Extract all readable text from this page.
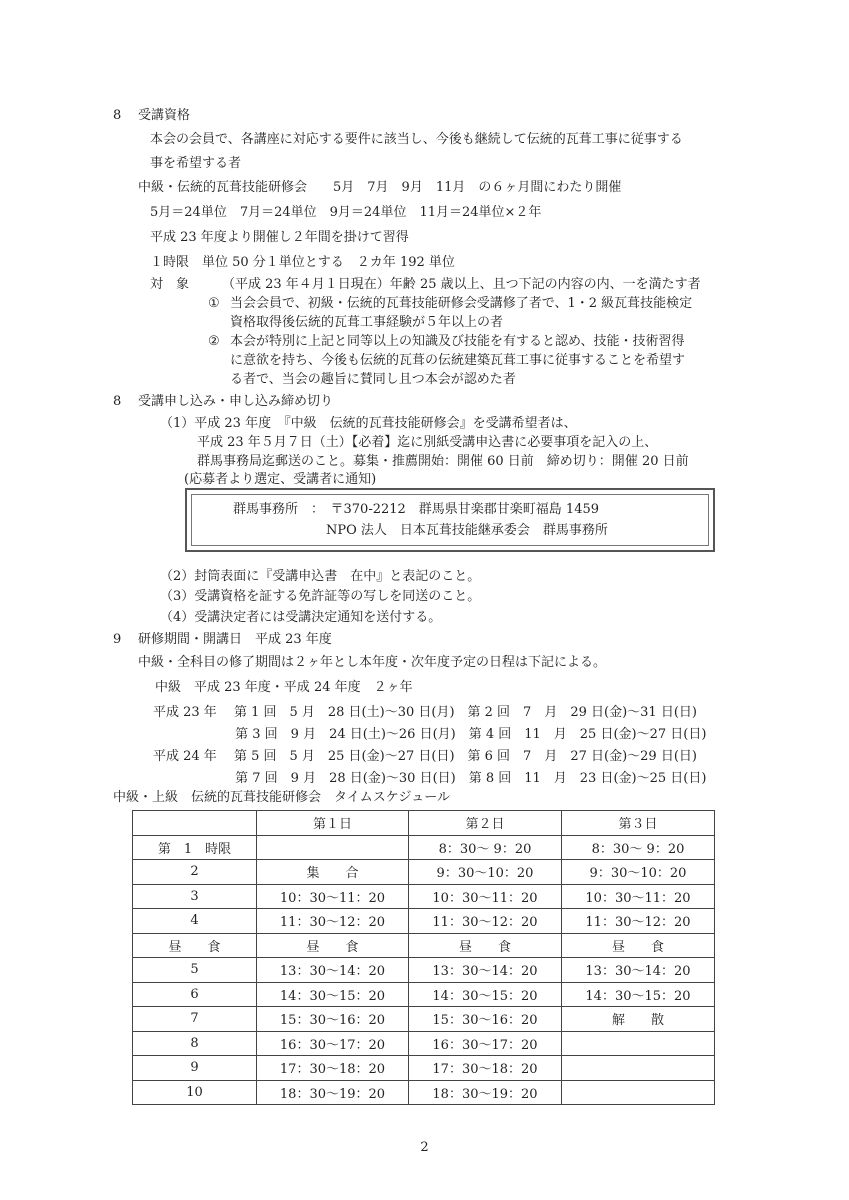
8 受講資格
本会の会員で、各講座に対応する要件に該当し、今後も継続して伝統的瓦葺工事に従事する
事を希望する者
中級・伝統的瓦葺技能研修会　　5月　7月　9月　11月　の６ヶ月間にわたり開催
5月＝24単位　7月＝24単位　9月＝24単位　11月＝24単位×２年
平成 23 年度より開催し２年間を掛けて習得
１時限　単位 50 分１単位とする　２カ年 192 単位
対　象	（平成 23 年４月１日現在）年齢 25 歳以上、且つ下記の内容の内、一を満たす者
① 当会会員で、初級・伝統的瓦葺技能研修会受講修了者で、1・2 級瓦葺技能検定
資格取得後伝統的瓦葺工事経験が５年以上の者
② 本会が特別に上記と同等以上の知識及び技能を有すると認め、技能・技術習得
に意欲を持ち、今後も伝統的瓦葺の伝統建築瓦葺工事に従事することを希望す
る者で、当会の趣旨に賛同し且つ本会が認めた者
8 受講申し込み・申し込み締め切り
（1）平成 23 年度　『中級　伝統的瓦葺技能研修会』を受講希望者は、
平成 23 年５月７日（土）【必着】迄に別紙受講申込書に必要事項を記入の上、
群馬事務局迄郵送のこと。募集・推薦開始：開催 60 日前　締め切り：開催 20 日前
(応募者より選定、受講者に通知)
群馬事務所　：　〒370-2212　群馬県甘楽郡甘楽町福島 1459
NPO 法人　日本瓦葺技能継承委会　群馬事務所
（2）封筒表面に『受講申込書　在中』と表記のこと。
（3）受講資格を証する免許証等の写しを同送のこと。
（4）受講決定者には受講決定通知を送付する。
9 研修期間・開講日　平成 23 年度
中級・全科目の修了期間は２ヶ年とし本年度・次年度予定の日程は下記による。
中級　平成 23 年度・平成 24 年度　２ヶ年
平成 23 年　 第 1 回　5 月　28 日(土)～30 日(月)　第 2 回　7　月　29 日(金)～31 日(日)
　　　　　　 第 3 回　9 月　24 日(土)～26 日(月)　第 4 回　11　月　25 日(金)～27 日(日)
平成 24 年　 第 5 回　5 月　25 日(金)～27 日(日)　第 6 回　7　月　27 日(金)～29 日(日)
　　　　　　 第 7 回　9 月　28 日(金)～30 日(日)　第 8 回　11　月　23 日(金)～25 日(日)
中級・上級　伝統的瓦葺技能研修会　タイムスケジュール
	第１日	第２日	第３日
第　1　時限		8：30～ 9：20	8：30～ 9：20
2	集　　合	9：30～10：20	9：30～10：20
3	10：30～11：20	10：30～11：20	10：30～11：20
4	11：30～12：20	11：30～12：20	11：30～12：20
昼　　食	昼　　食	昼　　食	昼　　食
5	13：30～14：20	13：30～14：20	13：30～14：20
6	14：30～15：20	14：30～15：20	14：30～15：20
7	15：30～16：20	15：30～16：20	解　　散
8	16：30～17：20	16：30～17：20	
9	17：30～18：20	17：30～18：20	
10	18：30～19：20	18：30～19：20	
2
